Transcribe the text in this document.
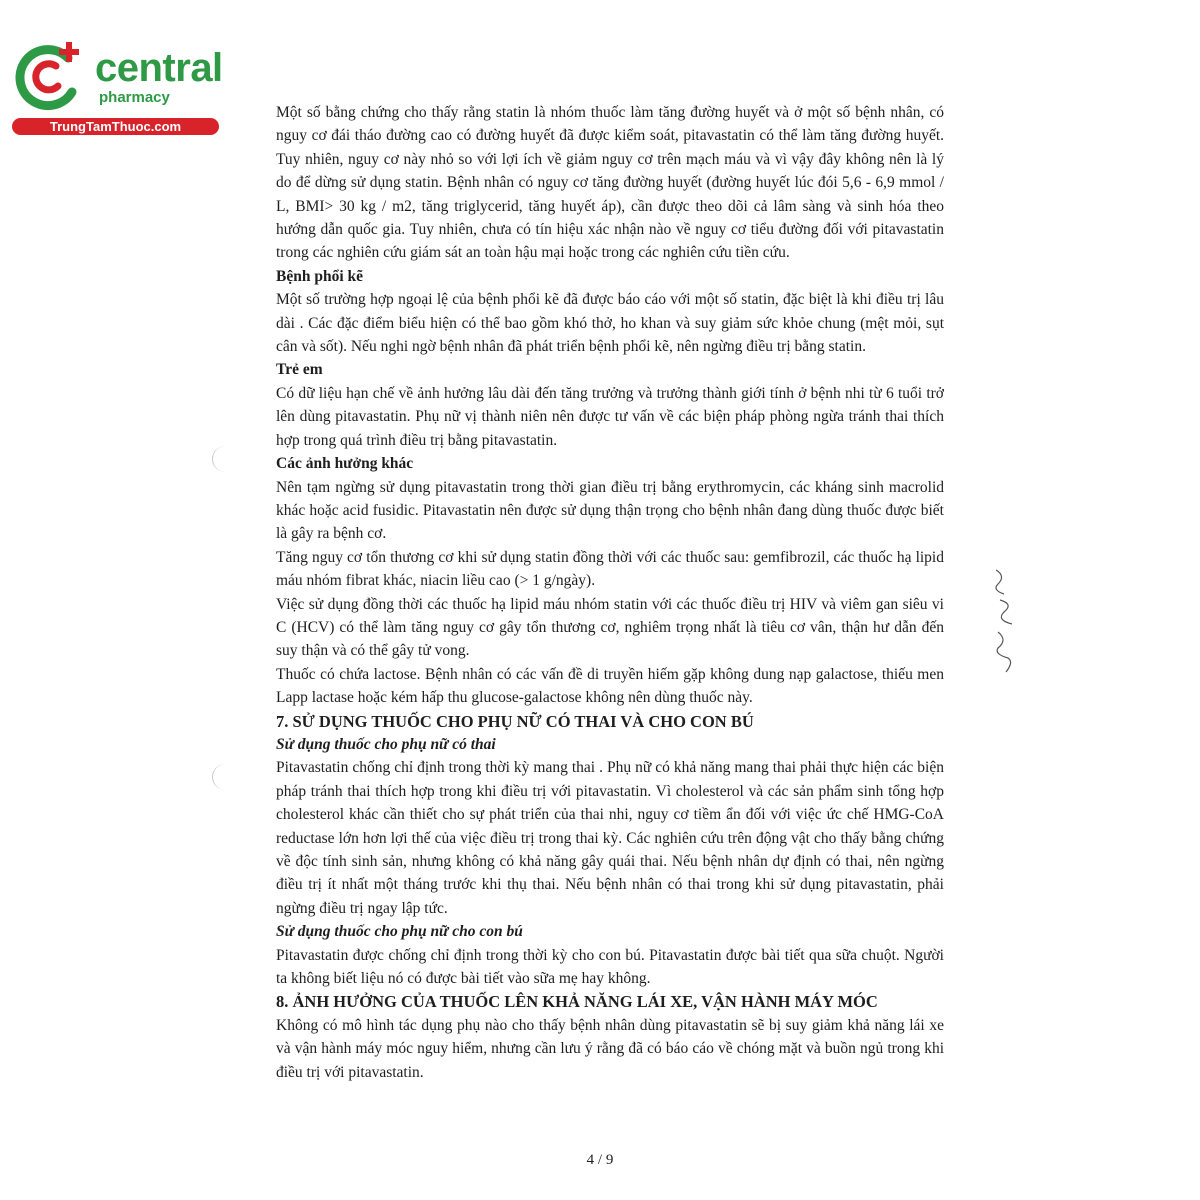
central
pharmacy
TrungTamThuoc.com

Một số bằng chứng cho thấy rằng statin là nhóm thuốc làm tăng đường huyết và ở một số bệnh nhân, có nguy cơ đái tháo đường cao có đường huyết đã được kiểm soát, pitavastatin có thể làm tăng đường huyết. Tuy nhiên, nguy cơ này nhỏ so với lợi ích về giảm nguy cơ trên mạch máu và vì vậy đây không nên là lý do để dừng sử dụng statin. Bệnh nhân có nguy cơ tăng đường huyết (đường huyết lúc đói 5,6 - 6,9 mmol / L, BMI> 30 kg / m2, tăng triglycerid, tăng huyết áp), cần được theo dõi cả lâm sàng và sinh hóa theo hướng dẫn quốc gia. Tuy nhiên, chưa có tín hiệu xác nhận nào về nguy cơ tiểu đường đối với pitavastatin trong các nghiên cứu giám sát an toàn hậu mại hoặc trong các nghiên cứu tiền cứu.

Bệnh phổi kẽ

Một số trường hợp ngoại lệ của bệnh phổi kẽ đã được báo cáo với một số statin, đặc biệt là khi điều trị lâu dài . Các đặc điểm biểu hiện có thể bao gồm khó thở, ho khan và suy giảm sức khỏe chung (mệt mỏi, sụt cân và sốt). Nếu nghi ngờ bệnh nhân đã phát triển bệnh phổi kẽ, nên ngừng điều trị bằng statin.

Trẻ em

Có dữ liệu hạn chế về ảnh hưởng lâu dài đến tăng trưởng và trưởng thành giới tính ở bệnh nhi từ 6 tuổi trở lên dùng pitavastatin. Phụ nữ vị thành niên nên được tư vấn về các biện pháp phòng ngừa tránh thai thích hợp trong quá trình điều trị bằng pitavastatin.

Các ảnh hưởng khác

Nên tạm ngừng sử dụng pitavastatin trong thời gian điều trị bằng erythromycin, các kháng sinh macrolid khác hoặc acid fusidic. Pitavastatin nên được sử dụng thận trọng cho bệnh nhân đang dùng thuốc được biết là gây ra bệnh cơ.

Tăng nguy cơ tổn thương cơ khi sử dụng statin đồng thời với các thuốc sau: gemfibrozil, các thuốc hạ lipid máu nhóm fibrat khác, niacin liều cao (> 1 g/ngày).

Việc sử dụng đồng thời các thuốc hạ lipid máu nhóm statin với các thuốc điều trị HIV và viêm gan siêu vi C (HCV) có thể làm tăng nguy cơ gây tổn thương cơ, nghiêm trọng nhất là tiêu cơ vân, thận hư dẫn đến suy thận và có thể gây tử vong.

Thuốc có chứa lactose. Bệnh nhân có các vấn đề di truyền hiếm gặp không dung nạp galactose, thiếu men Lapp lactase hoặc kém hấp thu glucose-galactose không nên dùng thuốc này.

7. SỬ DỤNG THUỐC CHO PHỤ NỮ CÓ THAI VÀ CHO CON BÚ
Sử dụng thuốc cho phụ nữ có thai

Pitavastatin chống chỉ định trong thời kỳ mang thai . Phụ nữ có khả năng mang thai phải thực hiện các biện pháp tránh thai thích hợp trong khi điều trị với pitavastatin. Vì cholesterol và các sản phẩm sinh tổng hợp cholesterol khác cần thiết cho sự phát triển của thai nhi, nguy cơ tiềm ẩn đối với việc ức chế HMG-CoA reductase lớn hơn lợi thế của việc điều trị trong thai kỳ. Các nghiên cứu trên động vật cho thấy bằng chứng về độc tính sinh sản, nhưng không có khả năng gây quái thai. Nếu bệnh nhân dự định có thai, nên ngừng điều trị ít nhất một tháng trước khi thụ thai. Nếu bệnh nhân có thai trong khi sử dụng pitavastatin, phải ngừng điều trị ngay lập tức.

Sử dụng thuốc cho phụ nữ cho con bú

Pitavastatin được chống chỉ định trong thời kỳ cho con bú. Pitavastatin được bài tiết qua sữa chuột. Người ta không biết liệu nó có được bài tiết vào sữa mẹ hay không.

8. ẢNH HƯỞNG CỦA THUỐC LÊN KHẢ NĂNG LÁI XE, VẬN HÀNH MÁY MÓC

Không có mô hình tác dụng phụ nào cho thấy bệnh nhân dùng pitavastatin sẽ bị suy giảm khả năng lái xe và vận hành máy móc nguy hiểm, nhưng cần lưu ý rằng đã có báo cáo về chóng mặt và buồn ngủ trong khi điều trị với pitavastatin.

4 / 9
